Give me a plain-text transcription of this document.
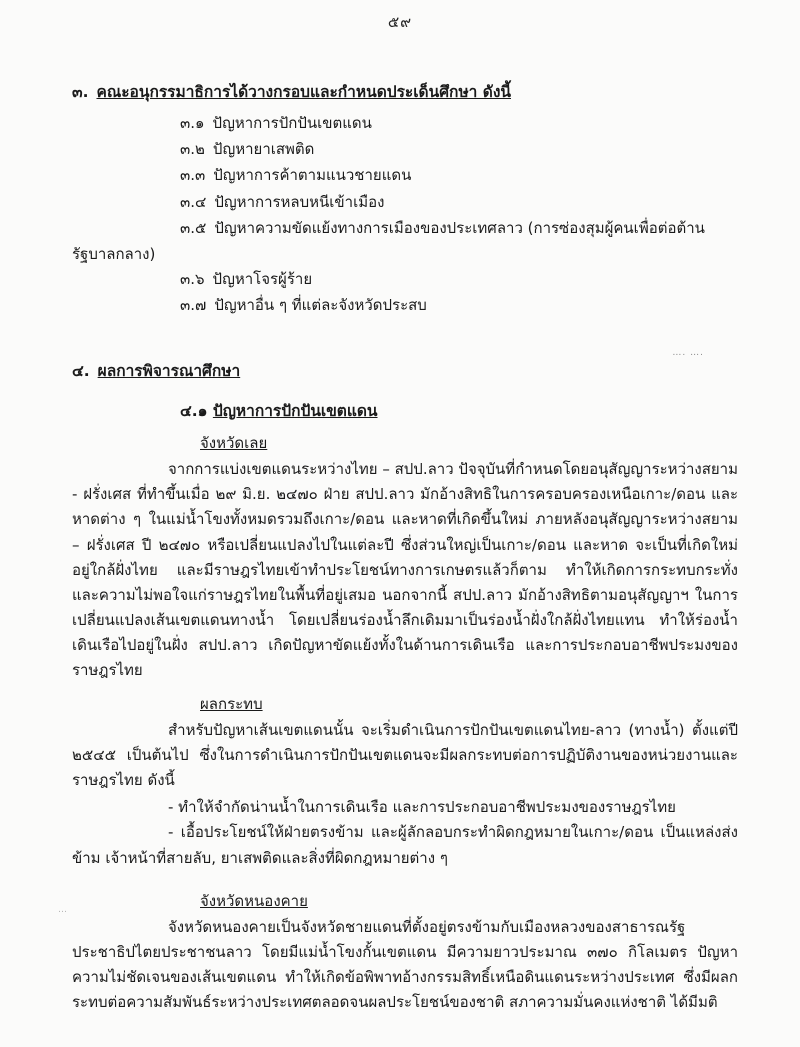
๕๙
…. ….
…
๓. คณะอนุกรรมาธิการได้วางกรอบและกำหนดประเด็นศึกษา ดังนี้
๓.๑ ปัญหาการปักปันเขตแดน
๓.๒ ปัญหายาเสพติด
๓.๓ ปัญหาการค้าตามแนวชายแดน
๓.๔ ปัญหาการหลบหนีเข้าเมือง
๓.๕ ปัญหาความขัดแย้งทางการเมืองของประเทศลาว (การซ่องสุมผู้คนเพื่อต่อต้าน
รัฐบาลกลาง)
๓.๖ ปัญหาโจรผู้ร้าย
๓.๗ ปัญหาอื่น ๆ ที่แต่ละจังหวัดประสบ
๔. ผลการพิจารณาศึกษา
๔.๑ ปัญหาการปักปันเขตแดน
จังหวัดเลย
จากการแบ่งเขตแดนระหว่างไทย – สปป.ลาว ปัจจุบันที่กำหนดโดยอนุสัญญาระหว่างสยาม - ฝรั่งเศส ที่ทำขึ้นเมื่อ ๒๙ มิ.ย. ๒๔๗๐ ฝ่าย สปป.ลาว มักอ้างสิทธิในการครอบครองเหนือเกาะ/ดอน และหาดต่าง ๆ ในแม่น้ำโขงทั้งหมดรวมถึงเกาะ/ดอน และหาดที่เกิดขึ้นใหม่ ภายหลังอนุสัญญาระหว่างสยาม – ฝรั่งเศส ปี ๒๔๗๐ หรือเปลี่ยนแปลงไปในแต่ละปี ซึ่งส่วนใหญ่เป็นเกาะ/ดอน และหาด จะเป็นที่เกิดใหม่อยู่ใกล้ฝั่งไทย และมีราษฎรไทยเข้าทำประโยชน์ทางการเกษตรแล้วก็ตาม ทำให้เกิดการกระทบกระทั่ง และความไม่พอใจแก่ราษฎรไทยในพื้นที่อยู่เสมอ นอกจากนี้ สปป.ลาว มักอ้างสิทธิตามอนุสัญญาฯ ในการเปลี่ยนแปลงเส้นเขตแดนทางน้ำ โดยเปลี่ยนร่องน้ำลึกเดิมมาเป็นร่องน้ำฝั่งใกล้ฝั่งไทยแทน ทำให้ร่องน้ำเดินเรือไปอยู่ในฝั่ง สปป.ลาว เกิดปัญหาขัดแย้งทั้งในด้านการเดินเรือ และการประกอบอาชีพประมงของราษฎรไทย
ผลกระทบ
สำหรับปัญหาเส้นเขตแดนนั้น จะเริ่มดำเนินการปักปันเขตแดนไทย-ลาว (ทางน้ำ) ตั้งแต่ปี ๒๕๔๕ เป็นต้นไป ซึ่งในการดำเนินการปักปันเขตแดนจะมีผลกระทบต่อการปฏิบัติงานของหน่วยงานและราษฎรไทย ดังนี้
- ทำให้จำกัดน่านน้ำในการเดินเรือ และการประกอบอาชีพประมงของราษฎรไทย
- เอื้อประโยชน์ให้ฝ่ายตรงข้าม และผู้ลักลอบกระทำผิดกฎหมายในเกาะ/ดอน เป็นแหล่งส่งข้าม เจ้าหน้าที่สายลับ, ยาเสพติดและสิ่งที่ผิดกฎหมายต่าง ๆ
จังหวัดหนองคาย
จังหวัดหนองคายเป็นจังหวัดชายแดนที่ตั้งอยู่ตรงข้ามกับเมืองหลวงของสาธารณรัฐประชาธิปไตยประชาชนลาว โดยมีแม่น้ำโขงกั้นเขตแดน มีความยาวประมาณ ๓๗๐ กิโลเมตร ปัญหาความไม่ชัดเจนของเส้นเขตแดน ทำให้เกิดข้อพิพาทอ้างกรรมสิทธิ์เหนือดินแดนระหว่างประเทศ ซึ่งมีผลกระทบต่อความสัมพันธ์ระหว่างประเทศตลอดจนผลประโยชน์ของชาติ สภาความมั่นคงแห่งชาติ ได้มีมติ
